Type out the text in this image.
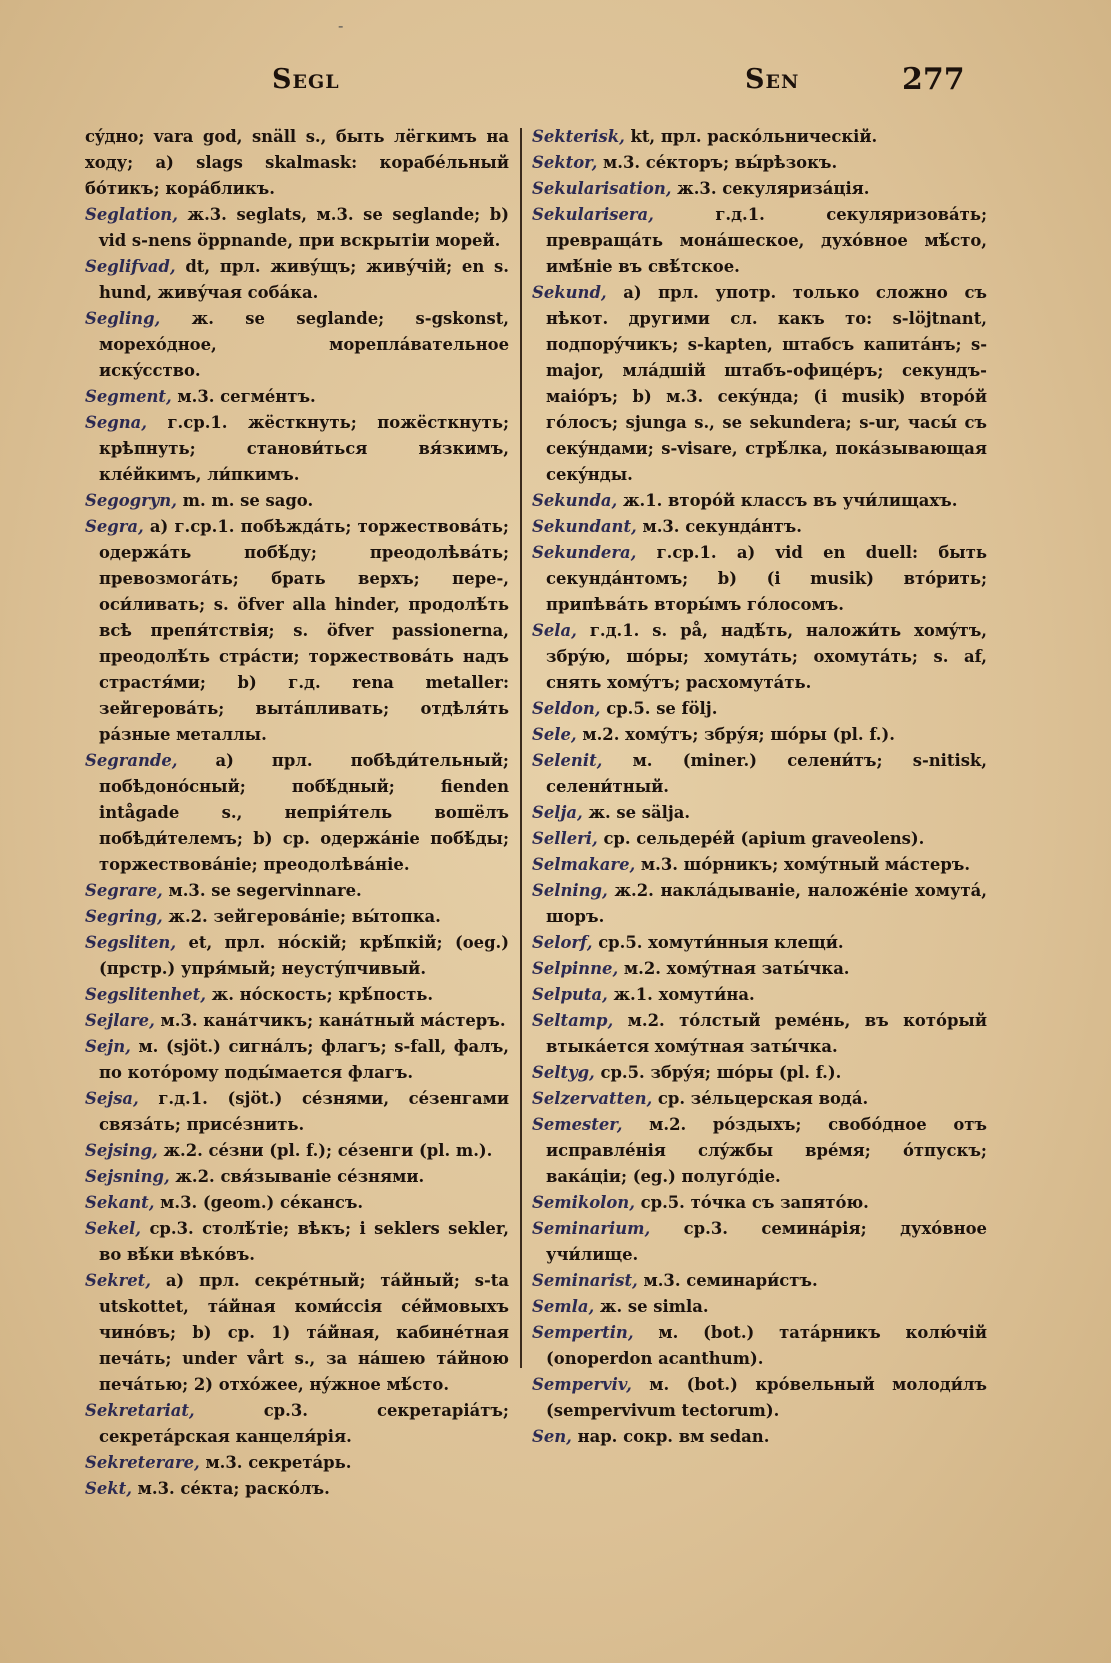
-
Segl	Sen	277

сýдно; vara god, snäll s., быть лёгкимъ на ходу; a) slags skalmask: корабéльный бóтикъ; корáбликъ.

Seglation, ж.3. seglats, м.3. se seglande; b) vid s-nens öppnande, при вскрытіи морей.

Seglifvad, dt, прл. живýщъ; живýчій; en s. hund, живýчая собáка.

Segling, ж. se seglande; s-gskonst, морехóдное, мореплáвательное искýсство.

Segment, м.3. сегмéнтъ.

Segna, г.ср.1. жёсткнуть; пожёсткнуть; крѣпнуть; станови́ться вя́зкимъ, клéйкимъ, ли́пкимъ.

Segogryn, m. m. se sago.

Segra, a) г.ср.1. побѣждáть; торжествовáть; одержáть побѣ́ду; преодолѣвáть; превозмогáть; брать верхъ; пере-, оси́ливать; s. öfver alla hinder, продолѣ́ть всѣ препя́тствія; s. öfver passionerna, преодолѣ́ть стрáсти; торжествовáть надъ страстя́ми; b) г.д. rena metaller: зейгеровáть; вытáпливать; отдѣля́ть рáзные металлы.

Segrande, a) прл. побѣди́тельный; побѣдонóсный; побѣ́дный; fienden intågade s., непрія́тель вошёлъ побѣди́телемъ; b) ср. одержáніе побѣ́ды; торжествовáніе; преодолѣвáніе.

Segrare, м.3. se segervinnare.

Segring, ж.2. зейгеровáніе; вы́топка.

Segsliten, et, прл. нóскій; крѣ́пкій; (oeg.) (прстр.) упря́мый; неустýпчивый.

Segslitenhet, ж. нóскость; крѣ́пость.

Sejlare, м.3. канáтчикъ; канáтный мáстеръ.

Sejn, м. (sjöt.) сигнáлъ; флагъ; s-fall, фалъ, по котóрому поды́мается флагъ.

Sejsa, г.д.1. (sjöt.) сéзнями, сéзенгами связáть; присéзнить.

Sejsing, ж.2. сéзни (pl. f.); сéзенги (pl. m.).

Sejsning, ж.2. свя́зываніе сéзнями.

Sekant, м.3. (geom.) сéкансъ.

Sekel, ср.3. столѣ́тіе; вѣкъ; i seklers sekler, во вѣ́ки вѣкóвъ.

Sekret, a) прл. секрéтный; тáйный; s-ta utskottet, тáйная коми́ссія сéймовыхъ чинóвъ; b) ср. 1) тáйная, кабинéтная печáть; under vårt s., за нáшею тáйною печáтью; 2) отхóжее, нýжное мѣ́сто.

Sekretariat,	ср.3. секретаріáтъ; секретáрская канцеля́рія.

Sekreterare, м.3. секретáрь.

Sekt, м.3. сéкта; раскóлъ.

Sekterisk, kt, прл. раскóльническій.

Sektor, м.3. сéкторъ; вы́рѣзокъ.

Sekularisation, ж.3. секуляризáція.

Sekularisera,	г.д.1. секуляризовáть; превращáть монáшеское, духóвное мѣ́сто, имѣ́ніе въ свѣ́тское.

Sekund, a) прл. употр. только сложно съ нѣкот. другими сл. какъ то: s-löjtnant, подпорýчикъ; s-kapten, штабсъ капитáнъ; s-major, млáдшій штабъ-офицéръ; секундъ-маióръ; b) м.3. секýнда; (i musik) вторóй гóлосъ; sjunga s., se sekundera; s-ur, часы́ съ секýндами; s-visare, стрѣ́лка, покáзывающая секýнды.

Sekunda, ж.1. вторóй классъ въ учи́лищахъ.

Sekundant, м.3. секундáнтъ.

Sekundera, г.ср.1. a) vid en duell: быть секундáнтомъ; b) (i musik) втóрить; припѣвáть вторы́мъ гóлосомъ.

Sela, г.д.1. s. på, надѣ́ть, наложи́ть хомýтъ, збрýю, шóры; хомутáть; охомутáть; s. af, снять хомýтъ; расхомутáть.

Seldon, ср.5. se följ.

Sele, м.2. хомýтъ; збрýя; шóры (pl. f.).

Selenit, м. (miner.) селени́тъ; s-nitisk, селени́тный.

Selja, ж. se sälja.

Selleri, ср. сельдерéй (apium graveolens).

Selmakare, м.3. шóрникъ; хомýтный мáстеръ.

Selning, ж.2. наклáдываніе, наложéніе хомутá, шоръ.

Selorf, ср.5. хомути́нныя клещи́.

Selpinne, м.2. хомýтная заты́чка.

Selputa, ж.1. хомути́на.

Seltamp, м.2. тóлстый ремéнь, въ котóрый втыкáется хомýтная заты́чка.

Seltyg, ср.5. збрýя; шóры (pl. f.).

Selzervatten, ср. зéльцерская водá.

Semester, м.2. рóздыхъ; свобóдное отъ исправлéнія слýжбы врéмя; óтпускъ; вакáціи; (eg.) полугóдіе.

Semikolon, ср.5. тóчка съ запятóю.

Seminarium, ср.3. семинáрія; духóвное учи́лище.

Seminarist, м.3. семинари́стъ.

Semla, ж. se simla.

Sempertin, м. (bot.) татáрникъ колю́чій (onoperdon acanthum).

Semperviv, м. (bot.) крóвельный молоди́лъ (sempervivum tectorum).

Sen, нар. сокр. вм sedan.
